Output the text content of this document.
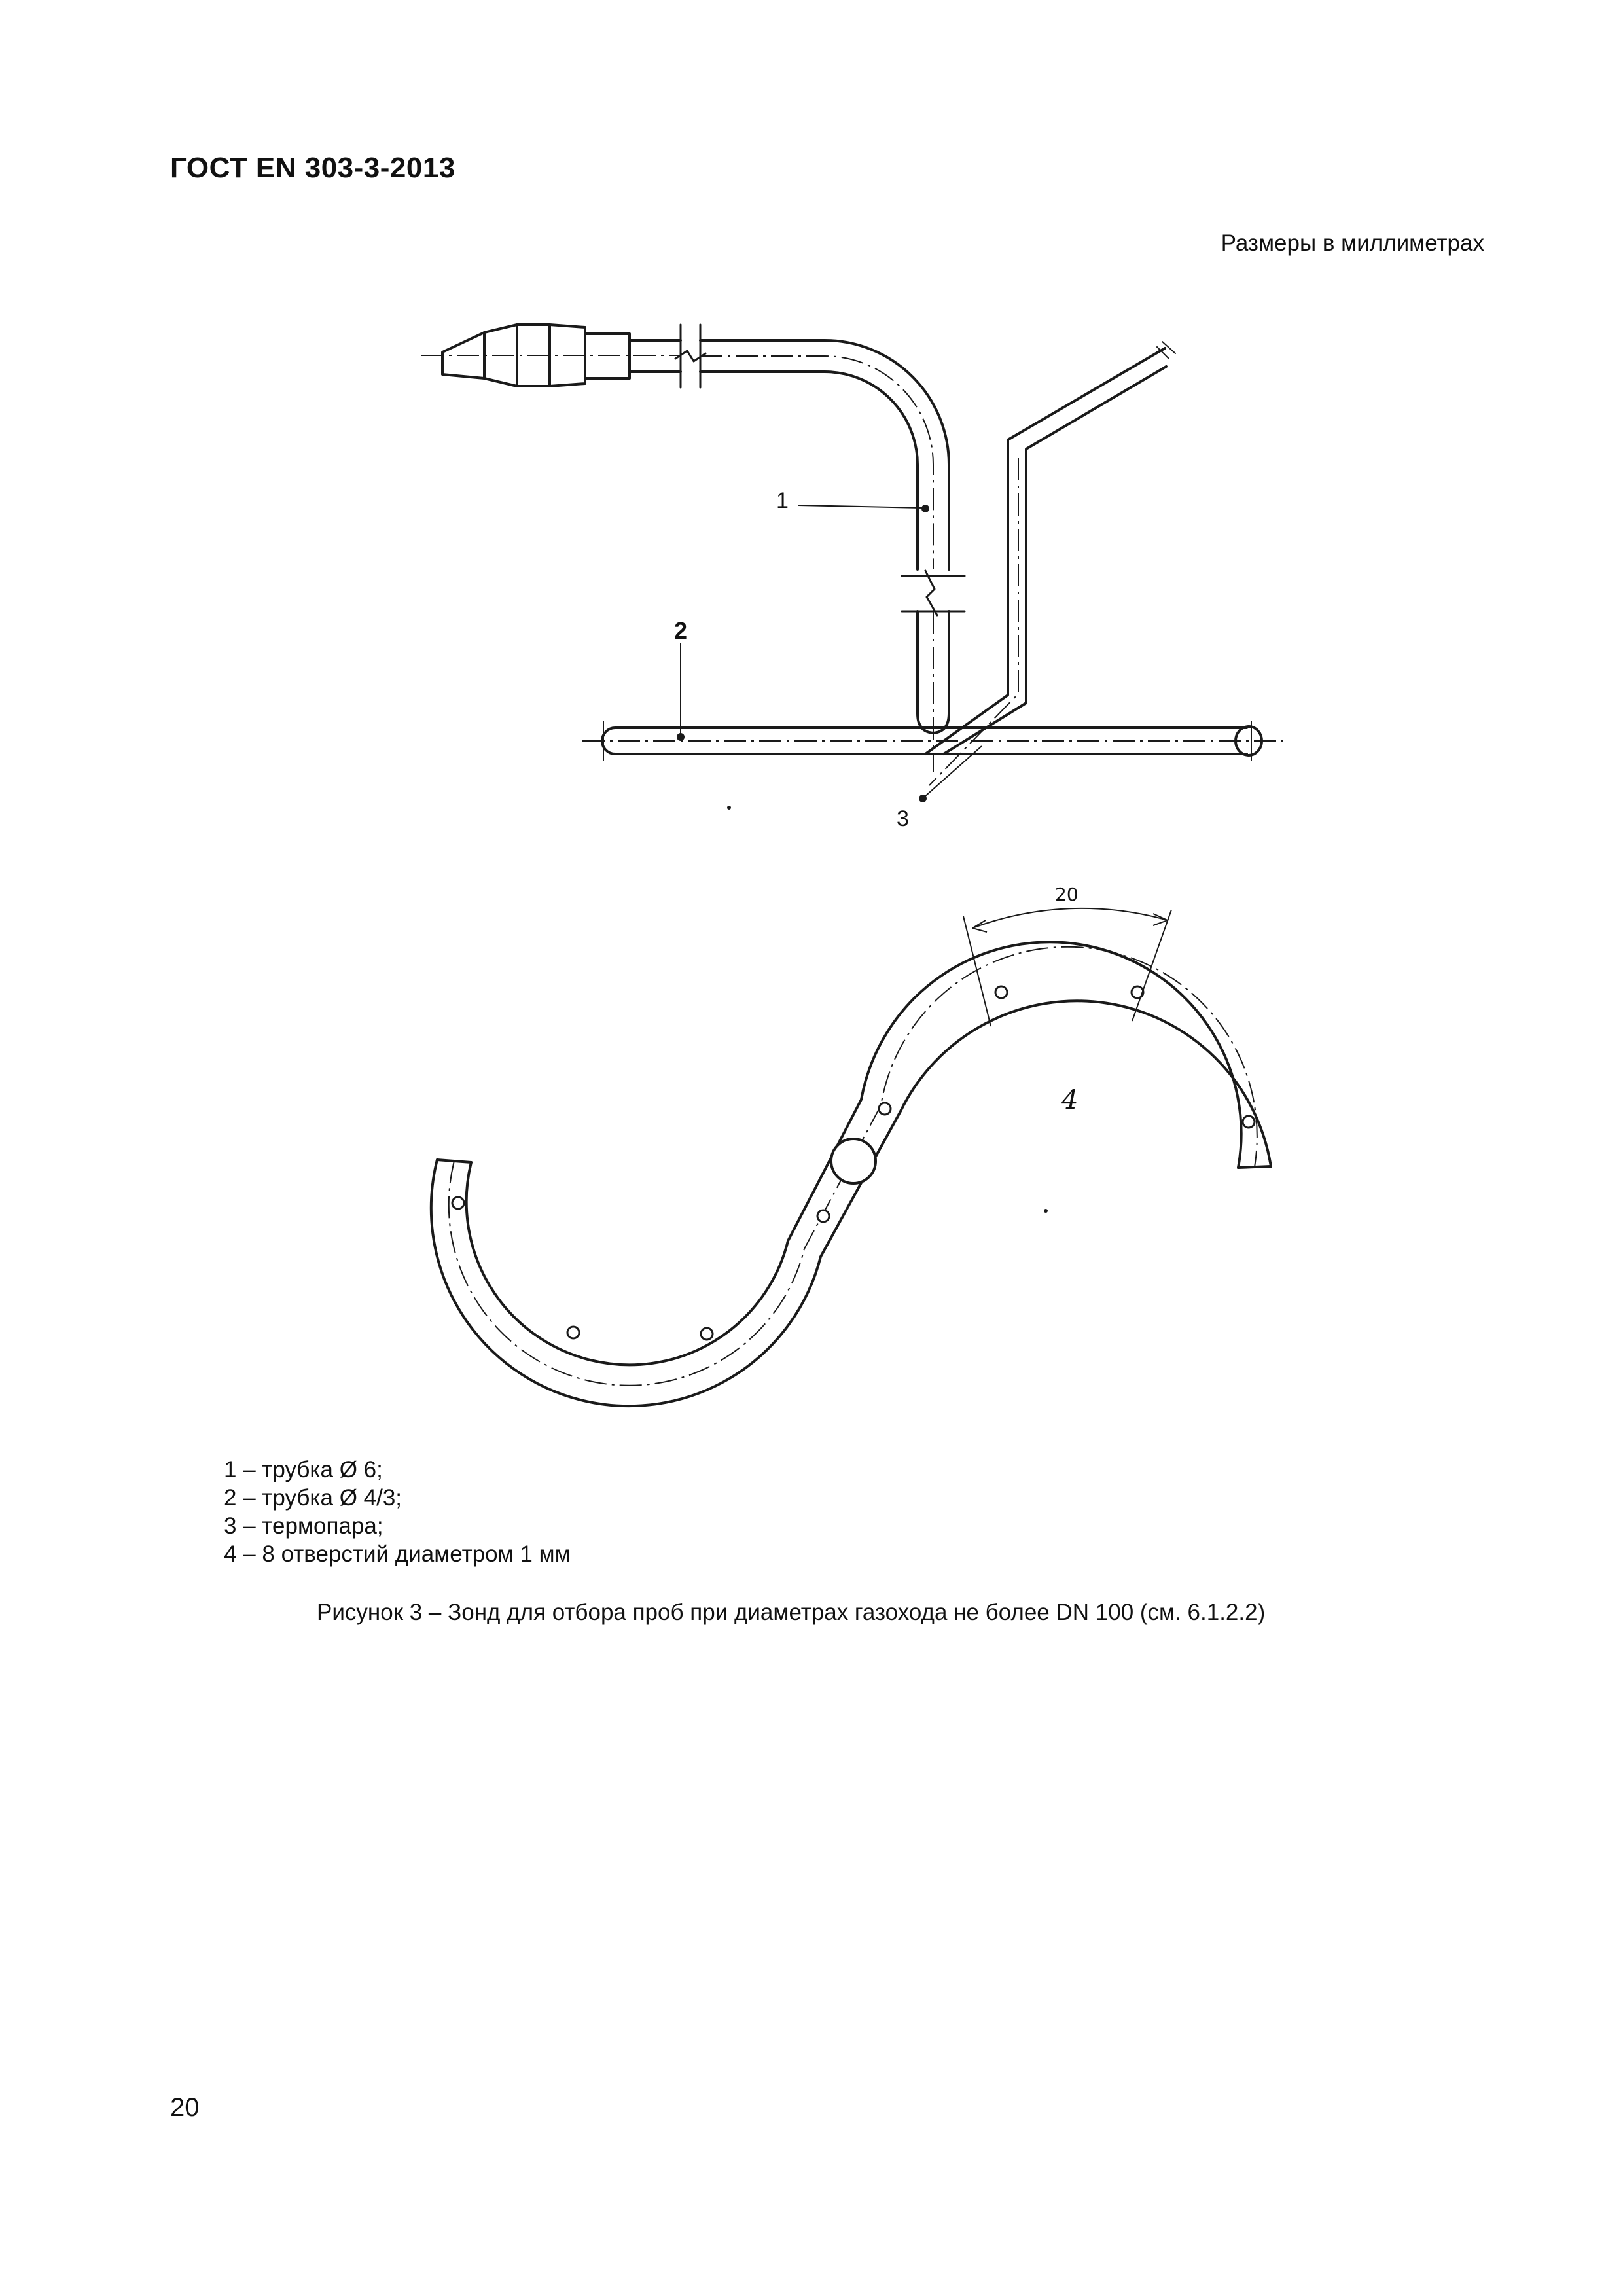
ГОСТ EN 303-3-2013
Размеры в миллиметрах
1
2
3
20
4
1 – трубка Ø 6;
2 – трубка Ø 4/3;
3 – термопара;
4 – 8 отверстий диаметром 1 мм
Рисунок 3 – Зонд для отбора проб при диаметрах газохода не более DN 100 (см. 6.1.2.2)
20
